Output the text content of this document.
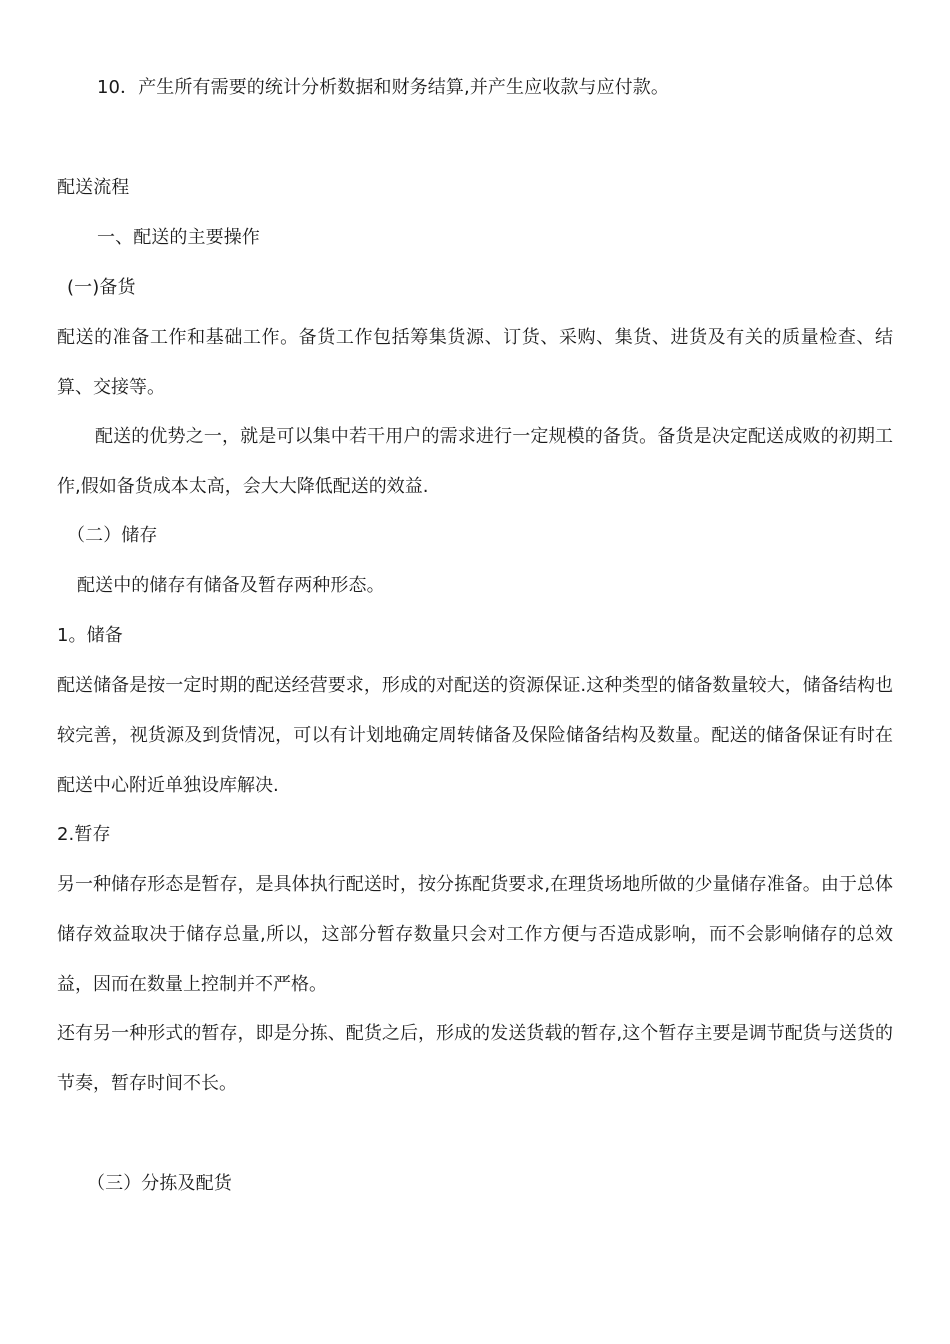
10．产生所有需要的统计分析数据和财务结算,并产生应收款与应付款。
配送流程
一、配送的主要操作
(一)备货
配送的准备工作和基础工作。备货工作包括筹集货源、订货、采购、集货、进货及有关的质量检查、结算、交接等。
配送的优势之一，就是可以集中若干用户的需求进行一定规模的备货。备货是决定配送成败的初期工作,假如备货成本太高，会大大降低配送的效益.
（二）储存
配送中的储存有储备及暂存两种形态。
1。储备
配送储备是按一定时期的配送经营要求，形成的对配送的资源保证.这种类型的储备数量较大，储备结构也较完善，视货源及到货情况，可以有计划地确定周转储备及保险储备结构及数量。配送的储备保证有时在配送中心附近单独设库解决.
2.暂存
另一种储存形态是暂存，是具体执行配送时，按分拣配货要求,在理货场地所做的少量储存准备。由于总体储存效益取决于储存总量,所以，这部分暂存数量只会对工作方便与否造成影响，而不会影响储存的总效益，因而在数量上控制并不严格。
还有另一种形式的暂存，即是分拣、配货之后，形成的发送货载的暂存,这个暂存主要是调节配货与送货的节奏，暂存时间不长。
（三）分拣及配货
